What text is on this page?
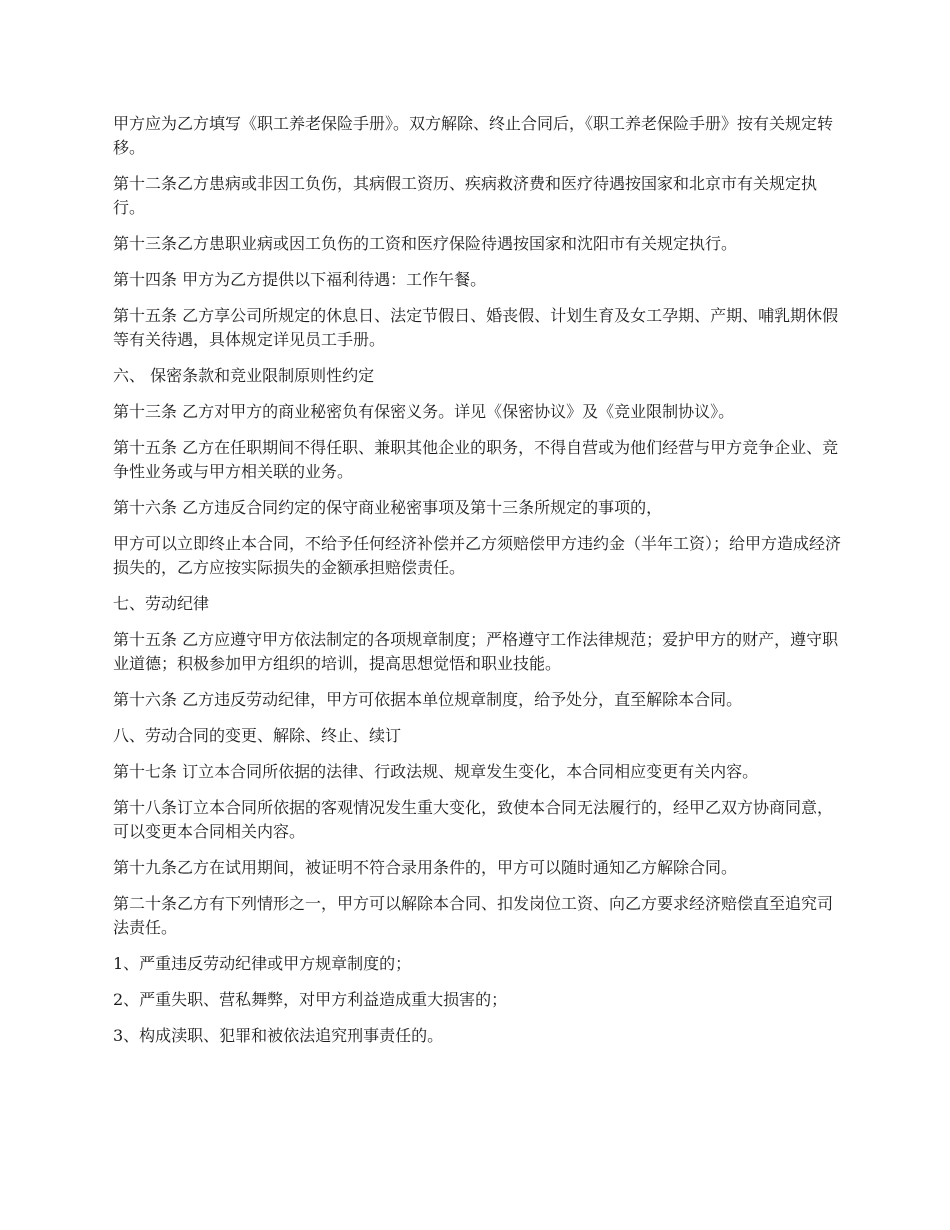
甲方应为乙方填写《职工养老保险手册》。双方解除、终止合同后，《职工养老保险手册》按有关规定转移。

第十二条乙方患病或非因工负伤，其病假工资历、疾病救济费和医疗待遇按国家和北京市有关规定执行。

第十三条乙方患职业病或因工负伤的工资和医疗保险待遇按国家和沈阳市有关规定执行。

第十四条 甲方为乙方提供以下福利待遇：工作午餐。

第十五条 乙方享公司所规定的休息日、法定节假日、婚丧假、计划生育及女工孕期、产期、哺乳期休假等有关待遇，具体规定详见员工手册。

六、 保密条款和竞业限制原则性约定

第十三条 乙方对甲方的商业秘密负有保密义务。详见《保密协议》及《竞业限制协议》。

第十五条 乙方在任职期间不得任职、兼职其他企业的职务，不得自营或为他们经营与甲方竞争企业、竞争性业务或与甲方相关联的业务。

第十六条 乙方违反合同约定的保守商业秘密事项及第十三条所规定的事项的，

甲方可以立即终止本合同，不给予任何经济补偿并乙方须赔偿甲方违约金（半年工资）；给甲方造成经济损失的，乙方应按实际损失的金额承担赔偿责任。

七、劳动纪律

第十五条 乙方应遵守甲方依法制定的各项规章制度；严格遵守工作法律规范；爱护甲方的财产，遵守职业道德；积极参加甲方组织的培训，提高思想觉悟和职业技能。

第十六条 乙方违反劳动纪律，甲方可依据本单位规章制度，给予处分，直至解除本合同。

八、劳动合同的变更、解除、终止、续订

第十七条 订立本合同所依据的法律、行政法规、规章发生变化，本合同相应变更有关内容。

第十八条订立本合同所依据的客观情况发生重大变化，致使本合同无法履行的，经甲乙双方协商同意，可以变更本合同相关内容。

第十九条乙方在试用期间，被证明不符合录用条件的，甲方可以随时通知乙方解除合同。

第二十条乙方有下列情形之一，甲方可以解除本合同、扣发岗位工资、向乙方要求经济赔偿直至追究司法责任。

1、严重违反劳动纪律或甲方规章制度的；

2、严重失职、营私舞弊，对甲方利益造成重大损害的；

3、构成渎职、犯罪和被依法追究刑事责任的。
